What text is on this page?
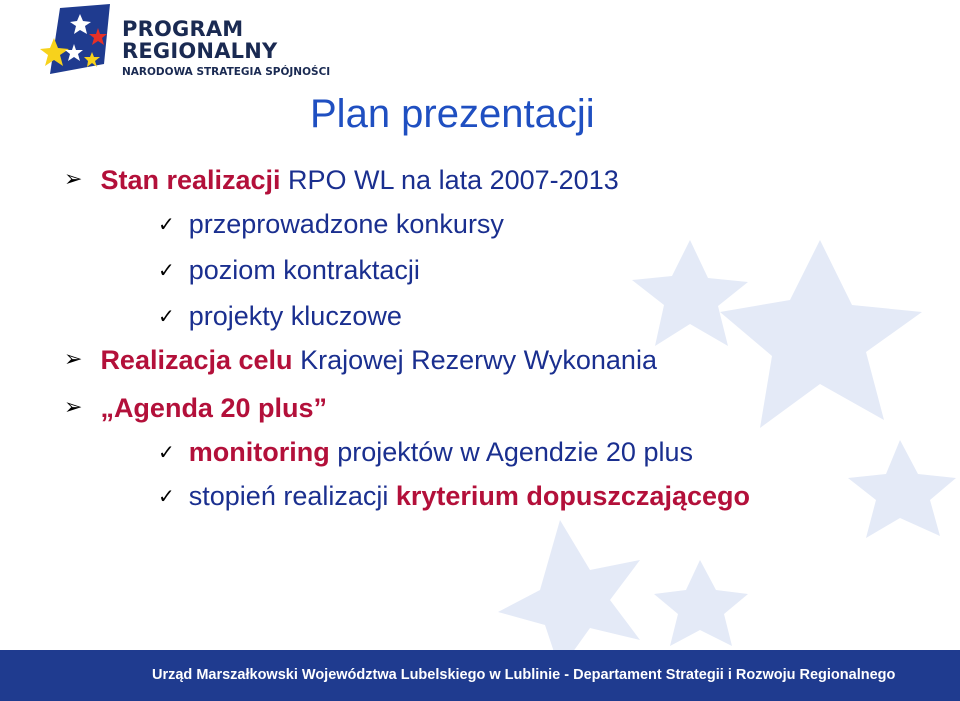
PROGRAM
REGIONALNY
NARODOWA STRATEGIA SPÓJNOŚCI
Plan prezentacji
➢ Stan realizacji RPO WL na lata 2007-2013
✓ przeprowadzone konkursy
✓ poziom kontraktacji
✓ projekty kluczowe
➢ Realizacja celu Krajowej Rezerwy Wykonania
➢ „Agenda 20 plus”
✓ monitoring projektów w Agendzie 20 plus
✓ stopień realizacji kryterium dopuszczającego
Urząd Marszałkowski Województwa Lubelskiego w Lublinie - Departament Strategii i Rozwoju Regionalnego
